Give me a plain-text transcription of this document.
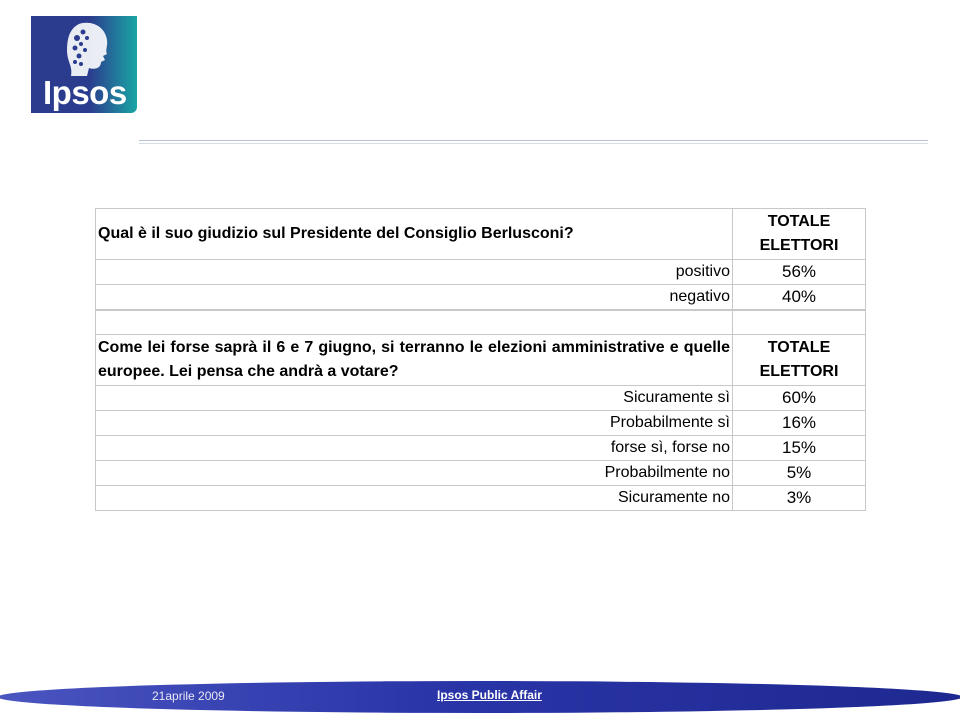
Ipsos
Qual è il suo giudizio sul Presidente del Consiglio Berlusconi?	TOTALE ELETTORI
positivo	56%
negativo	40%

Come lei forse saprà il 6 e 7 giugno, si terranno le elezioni amministrative e quelle europee. Lei pensa che andrà a votare?	TOTALE ELETTORI
Sicuramente sì	60%
Probabilmente sì	16%
forse sì, forse no	15%
Probabilmente no	5%
Sicuramente no	3%
21aprile 2009	Ipsos Public Affair
